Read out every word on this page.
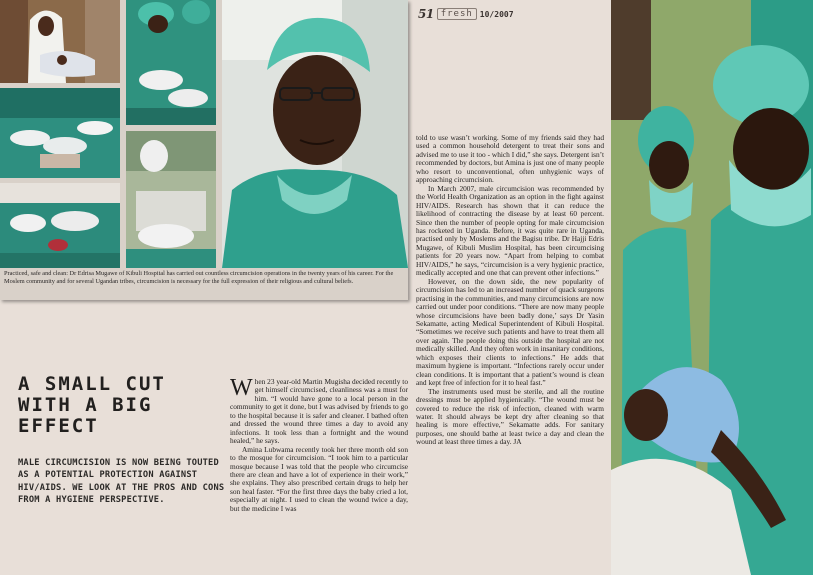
Practiced, safe and clean: Dr Edrisa Mugawe of Kibuli Hospital has carried out countless circumcision operations in the twenty years of his career. For the Moslem community and for several Ugandan tribes, circumcision is necessary for the full expression of their religious and cultural beliefs.

51 fresh 10/2007
A SMALL CUT WITH A BIG EFFECT

MALE CIRCUMCISION IS NOW BEING TOUTED AS A POTENTIAL PROTECTION AGAINST HIV/AIDS. WE LOOK AT THE PROS AND CONS FROM A HYGIENE PERSPECTIVE.

When 23 year-old Martin Mugisha decided recently to get himself circumcised, cleanliness was a must for him. “I would have gone to a local person in the community to get it done, but I was advised by friends to go to the hospital because it is safer and cleaner. I bathed often and dressed the wound three times a day to avoid any infections. It took less than a fortnight and the wound healed,” he says.

Amina Lubwama recently took her three month old son to the mosque for circumcision. “I took him to a particular mosque because I was told that the people who circumcise there are clean and have a lot of experience in their work,” she explains. They also prescribed certain drugs to help her son heal faster. “For the first three days the baby cried a lot, especially at night. I used to clean the wound twice a day, but the medicine I was

told to use wasn’t working. Some of my friends said they had used a common household detergent to treat their sons and advised me to use it too - which I did,” she says. Detergent isn’t recommended by doctors, but Amina is just one of many people who resort to unconventional, often unhygienic ways of approaching circumcision.

In March 2007, male circumcision was recommended by the World Health Organization as an option in the fight against HIV/AIDS. Research has shown that it can reduce the likelihood of contracting the disease by at least 60 percent. Since then the number of people opting for male circumcision has rocketed in Uganda. Before, it was quite rare in Uganda, practised only by Moslems and the Bagisu tribe. Dr Hajji Edris Mugawe, of Kibuli Muslim Hospital, has been circumcising patients for 20 years now. “Apart from helping to combat HIV/AIDS,” he says, “circumcision is a very hygienic practice, medically accepted and one that can prevent other infections.”

However, on the down side, the new popularity of circumcision has led to an increased number of quack surgeons practising in the communities, and many circumcisions are now carried out under poor conditions. “There are now many people whose circumcisions have been badly done,’ says Dr Yasin Sekamatte, acting Medical Superintendent of Kibuli Hospital. “Sometimes we receive such patients and have to treat them all over again. The people doing this outside the hospital are not medically skilled. And they often work in insanitary conditions, which exposes their clients to infections.” He adds that maximum hygiene is important. “Infections rarely occur under clean conditions. It is important that a patient’s wound is clean and kept free of infection for it to heal fast.”

The instruments used must be sterile, and all the routine dressings must be applied hygienically. “The wound must be covered to reduce the risk of infection, cleaned with warm water. It should always be kept dry after cleaning so that healing is more effective,” Sekamatte adds. For sanitary purposes, one should bathe at least twice a day and clean the wound at least three times a day. JA
